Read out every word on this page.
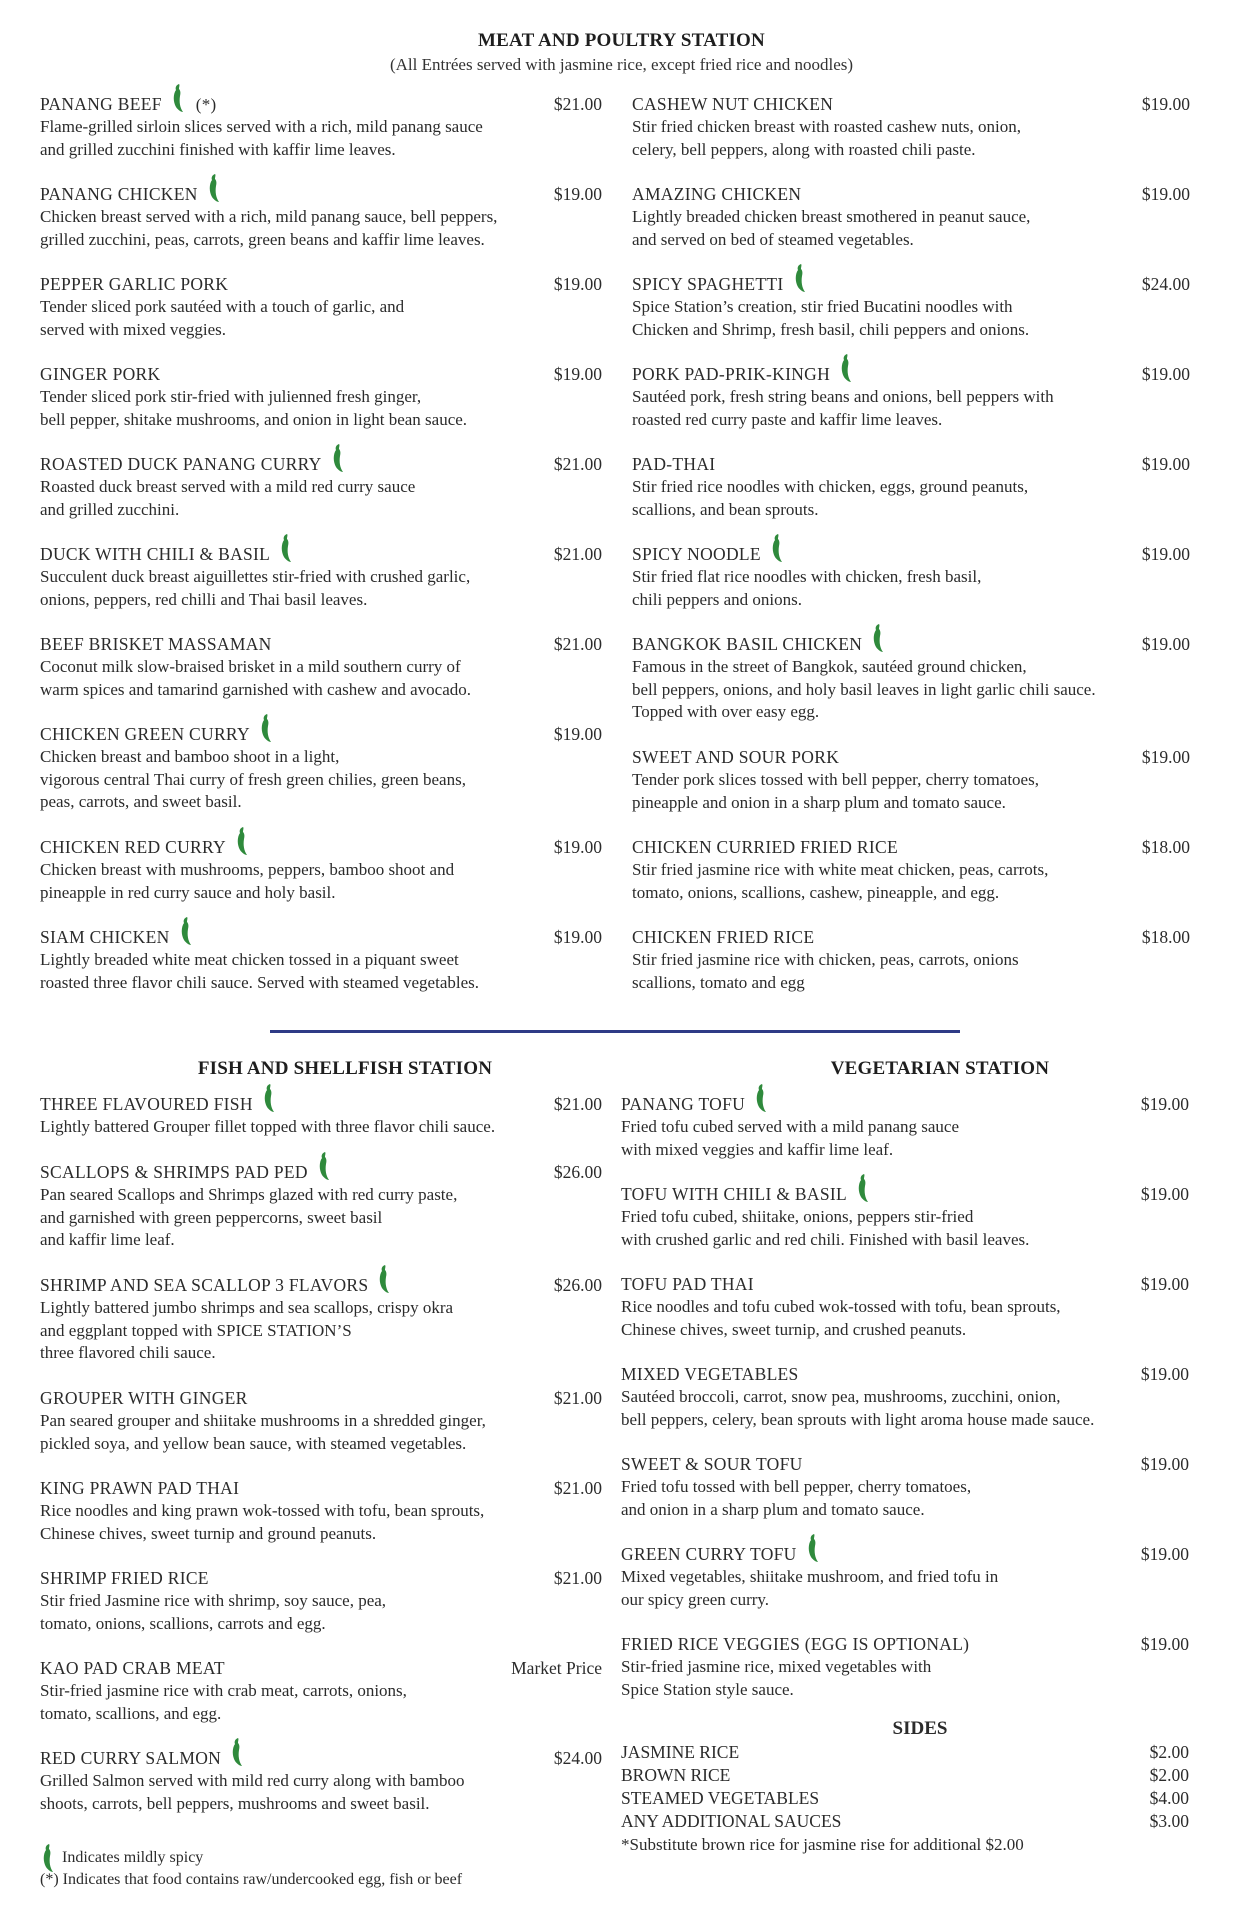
MEAT AND POULTRY STATION
(All Entrées served with jasmine rice, except fried rice and noodles)
FISH AND SHELLFISH STATION	VEGETARIAN STATION
SIDES
JASMINE RICE	$2.00
BROWN RICE	$2.00
STEAMED VEGETABLES	$4.00
ANY ADDITIONAL SAUCES	$3.00
*Substitute brown rice for jasmine rise for additional $2.00
Indicates mildly spicy
(*) Indicates that food contains raw/undercooked egg, fish or beef
PANANG BEEF (*)	$21.00
Flame-grilled sirloin slices served with a rich, mild panang sauce
and grilled zucchini finished with kaffir lime leaves.
PANANG CHICKEN	$19.00
Chicken breast served with a rich, mild panang sauce, bell peppers,
grilled zucchini, peas, carrots, green beans and kaffir lime leaves.
PEPPER GARLIC PORK	$19.00
Tender sliced pork sautéed with a touch of garlic, and
served with mixed veggies.
GINGER PORK	$19.00
Tender sliced pork stir-fried with julienned fresh ginger,
bell pepper, shitake mushrooms, and onion in light bean sauce.
ROASTED DUCK PANANG CURRY	$21.00
Roasted duck breast served with a mild red curry sauce
and grilled zucchini.
DUCK WITH CHILI & BASIL	$21.00
Succulent duck breast aiguillettes stir-fried with crushed garlic,
onions, peppers, red chilli and Thai basil leaves.
BEEF BRISKET MASSAMAN	$21.00
Coconut milk slow-braised brisket in a mild southern curry of
warm spices and tamarind garnished with cashew and avocado.
CHICKEN GREEN CURRY	$19.00
Chicken breast and bamboo shoot in a light,
vigorous central Thai curry of fresh green chilies, green beans,
peas, carrots, and sweet basil.
CHICKEN RED CURRY	$19.00
Chicken breast with mushrooms, peppers, bamboo shoot and
pineapple in red curry sauce and holy basil.
SIAM CHICKEN	$19.00
Lightly breaded white meat chicken tossed in a piquant sweet
roasted three flavor chili sauce. Served with steamed vegetables.
CASHEW NUT CHICKEN	$19.00
Stir fried chicken breast with roasted cashew nuts, onion,
celery, bell peppers, along with roasted chili paste.
AMAZING CHICKEN	$19.00
Lightly breaded chicken breast smothered in peanut sauce,
and served on bed of steamed vegetables.
SPICY SPAGHETTI	$24.00
Spice Station’s creation, stir fried Bucatini noodles with
Chicken and Shrimp, fresh basil, chili peppers and onions.
PORK PAD-PRIK-KINGH	$19.00
Sautéed pork, fresh string beans and onions, bell peppers with
roasted red curry paste and kaffir lime leaves.
PAD-THAI	$19.00
Stir fried rice noodles with chicken, eggs, ground peanuts,
scallions, and bean sprouts.
SPICY NOODLE	$19.00
Stir fried flat rice noodles with chicken, fresh basil,
chili peppers and onions.
BANGKOK BASIL CHICKEN	$19.00
Famous in the street of Bangkok, sautéed ground chicken,
bell peppers, onions, and holy basil leaves in light garlic chili sauce.
Topped with over easy egg.
SWEET AND SOUR PORK	$19.00
Tender pork slices tossed with bell pepper, cherry tomatoes,
pineapple and onion in a sharp plum and tomato sauce.
CHICKEN CURRIED FRIED RICE	$18.00
Stir fried jasmine rice with white meat chicken, peas, carrots,
tomato, onions, scallions, cashew, pineapple, and egg.
CHICKEN FRIED RICE	$18.00
Stir fried jasmine rice with chicken, peas, carrots, onions
scallions, tomato and egg
THREE FLAVOURED FISH	$21.00
Lightly battered Grouper fillet topped with three flavor chili sauce.
SCALLOPS & SHRIMPS PAD PED	$26.00
Pan seared Scallops and Shrimps glazed with red curry paste,
and garnished with green peppercorns, sweet basil
and kaffir lime leaf.
SHRIMP AND SEA SCALLOP 3 FLAVORS	$26.00
Lightly battered jumbo shrimps and sea scallops, crispy okra
and eggplant topped with SPICE STATION’S
three flavored chili sauce.
GROUPER WITH GINGER	$21.00
Pan seared grouper and shiitake mushrooms in a shredded ginger,
pickled soya, and yellow bean sauce, with steamed vegetables.
KING PRAWN PAD THAI	$21.00
Rice noodles and king prawn wok-tossed with tofu, bean sprouts,
Chinese chives, sweet turnip and ground peanuts.
SHRIMP FRIED RICE	$21.00
Stir fried Jasmine rice with shrimp, soy sauce, pea,
tomato, onions, scallions, carrots and egg.
KAO PAD CRAB MEAT	Market Price
Stir-fried jasmine rice with crab meat, carrots, onions,
tomato, scallions, and egg.
RED CURRY SALMON	$24.00
Grilled Salmon served with mild red curry along with bamboo
shoots, carrots, bell peppers, mushrooms and sweet basil.
PANANG TOFU	$19.00
Fried tofu cubed served with a mild panang sauce
with mixed veggies and kaffir lime leaf.
TOFU WITH CHILI & BASIL	$19.00
Fried tofu cubed, shiitake, onions, peppers stir-fried
with crushed garlic and red chili. Finished with basil leaves.
TOFU PAD THAI	$19.00
Rice noodles and tofu cubed wok-tossed with tofu, bean sprouts,
Chinese chives, sweet turnip, and crushed peanuts.
MIXED VEGETABLES	$19.00
Sautéed broccoli, carrot, snow pea, mushrooms, zucchini, onion,
bell peppers, celery, bean sprouts with light aroma house made sauce.
SWEET & SOUR TOFU	$19.00
Fried tofu tossed with bell pepper, cherry tomatoes,
and onion in a sharp plum and tomato sauce.
GREEN CURRY TOFU	$19.00
Mixed vegetables, shiitake mushroom, and fried tofu in
our spicy green curry.
FRIED RICE VEGGIES (EGG IS OPTIONAL)	$19.00
Stir-fried jasmine rice, mixed vegetables with
Spice Station style sauce.
